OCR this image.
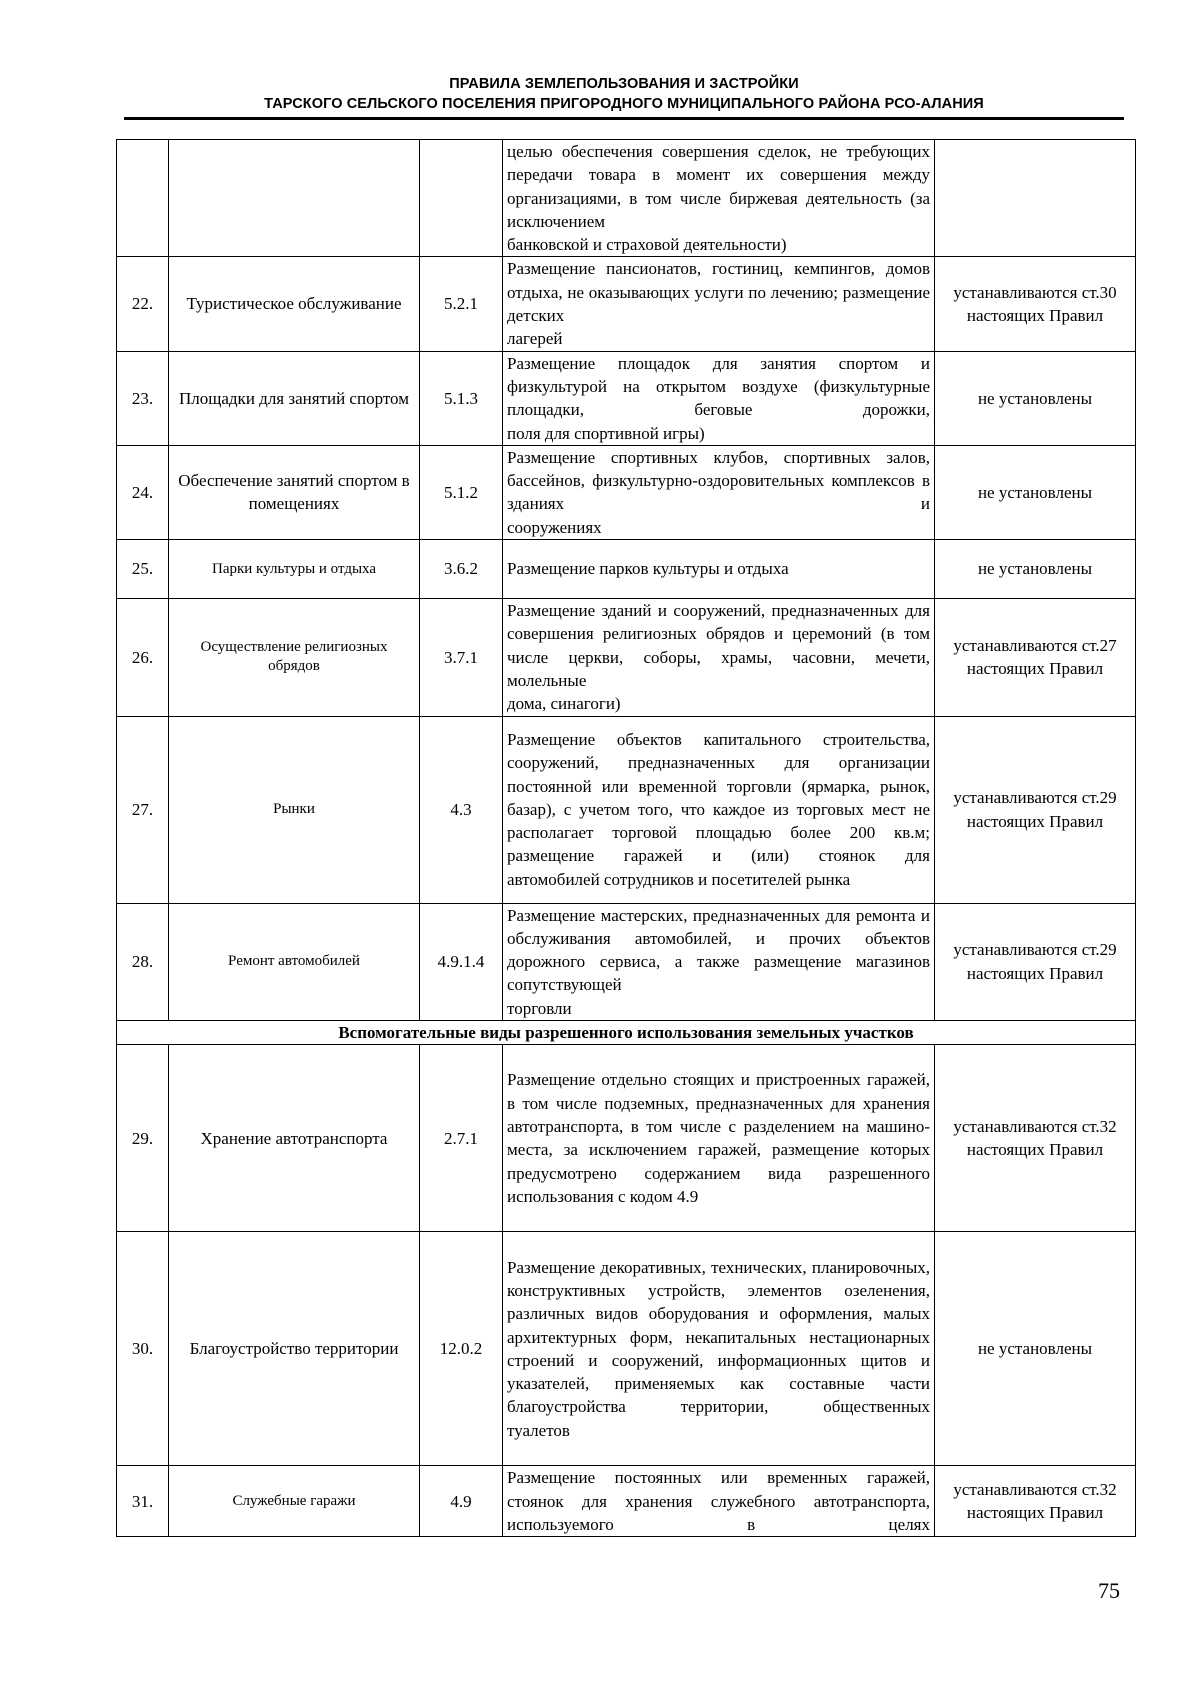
ПРАВИЛА ЗЕМЛЕПОЛЬЗОВАНИЯ И ЗАСТРОЙКИ
ТАРСКОГО СЕЛЬСКОГО ПОСЕЛЕНИЯ ПРИГОРОДНОГО МУНИЦИПАЛЬНОГО РАЙОНА РСО-АЛАНИЯ
			целью обеспечения совершения сделок, не требующих передачи товара в момент их совершения между организациями, в том числе биржевая деятельность (за исключением
банковской и страховой деятельности)	

22.	Туристическое обслуживание	5.2.1	Размещение пансионатов, гостиниц, кемпингов, домов отдыха, не оказывающих услуги по лечению; размещение детских
лагерей	устанавливаются ст.30 настоящих Правил
23.	Площадки для занятий спортом	5.1.3	Размещение площадок для занятия спортом и физкультурой на открытом воздухе (физкультурные площадки, беговые дорожки,
поля для спортивной игры)	не установлены
24.	Обеспечение занятий спортом в помещениях	5.1.2	Размещение спортивных клубов, спортивных залов, бассейнов, физкультурно-оздоровительных комплексов в зданиях и
сооружениях	не установлены
25.	Парки культуры и отдыха	3.6.2	Размещение парков культуры и отдыха	не установлены
26.	Осуществление религиозных обрядов	3.7.1	Размещение зданий и сооружений, предназначенных для совершения религиозных обрядов и церемоний (в том числе церкви, соборы, храмы, часовни, мечети, молельные
дома, синагоги)	устанавливаются ст.27 настоящих Правил
27.	Рынки	4.3	Размещение объектов капитального строительства, сооружений, предназначенных для организации постоянной или временной торговли (ярмарка, рынок, базар), с учетом того, что каждое из торговых мест не располагает торговой площадью более 200 кв.м; размещение гаражей и (или) стоянок для
автомобилей сотрудников и посетителей рынка	устанавливаются ст.29 настоящих Правил
28.	Ремонт автомобилей	4.9.1.4	Размещение мастерских, предназначенных для ремонта и обслуживания автомобилей, и прочих объектов дорожного сервиса, а также размещение магазинов сопутствующей
торговли	устанавливаются ст.29 настоящих Правил
Вспомогательные виды разрешенного использования земельных участков				
29.	Хранение автотранспорта	2.7.1	Размещение отдельно стоящих и пристроенных гаражей, в том числе подземных, предназначенных для хранения автотранспорта, в том числе с разделением на машино-места, за исключением гаражей, размещение которых предусмотрено содержанием вида разрешенного
использования с кодом 4.9	устанавливаются ст.32 настоящих Правил
30.	Благоустройство территории	12.0.2	Размещение декоративных, технических, планировочных, конструктивных устройств, элементов озеленения, различных видов оборудования и оформления, малых архитектурных форм, некапитальных нестационарных строений и сооружений, информационных щитов и указателей, применяемых как составные части благоустройства территории, общественных
туалетов	не установлены
31.	Служебные гаражи	4.9	Размещение постоянных или временных гаражей, стоянок для хранения служебного автотранспорта, используемого в целях	устанавливаются ст.32 настоящих Правил
75
